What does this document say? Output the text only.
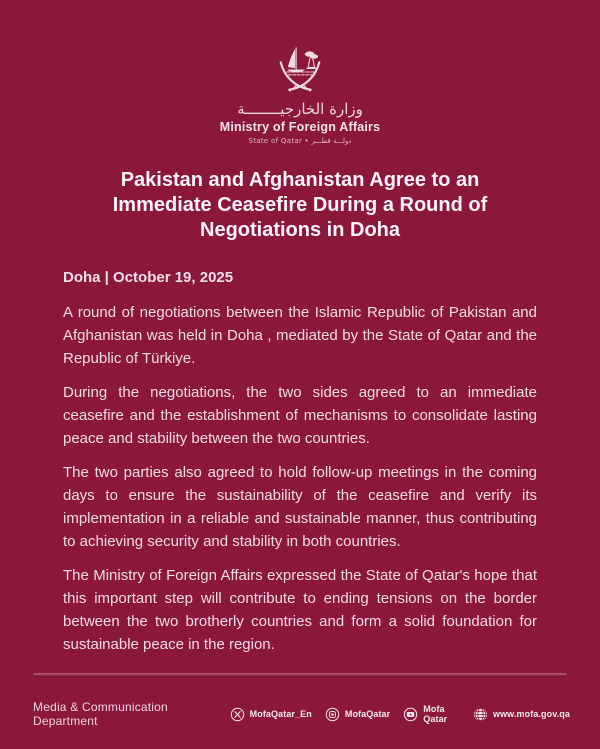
وزارة الخارجيــــــــة
Ministry of Foreign Affairs
State of Qatar • دولـــة قطـــر
Pakistan and Afghanistan Agree to an
Immediate Ceasefire During a Round of
Negotiations in Doha
Doha | October 19, 2025

A round of negotiations between the Islamic Republic of Pakistan and Afghanistan was held in Doha , mediated by the State of Qatar and the Republic of Türkiye.

During the negotiations, the two sides agreed to an immediate ceasefire and the establishment of mechanisms to consolidate lasting peace and stability between the two countries.

The two parties also agreed to hold follow-up meetings in the coming days to ensure the sustainability of the ceasefire and verify its implementation in a reliable and sustainable manner, thus contributing to achieving security and stability in both countries.

The Ministry of Foreign Affairs expressed the State of Qatar's hope that this important step will contribute to ending tensions on the border between the two brotherly countries and form a solid foundation for sustainable peace in the region.

Media & Communication Department	MofaQatar_En	MofaQatar	Mofa Qatar	www.mofa.gov.qa
